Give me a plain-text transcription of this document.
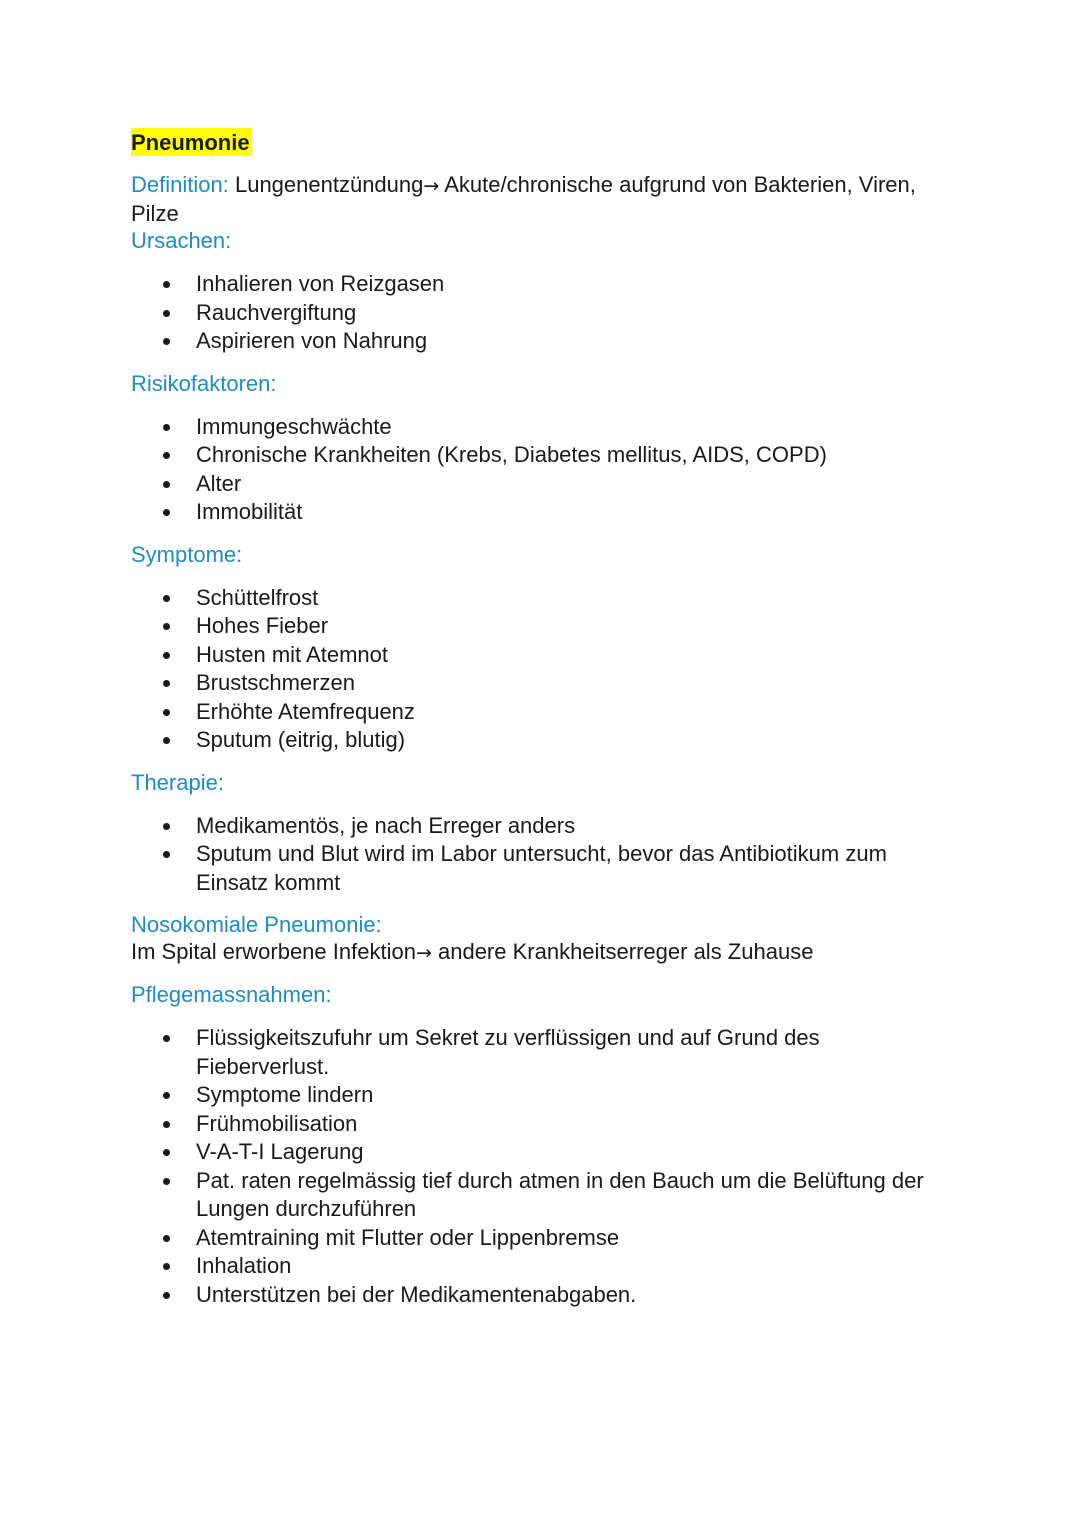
Pneumonie
Definition: Lungenentzündung→ Akute/chronische aufgrund von Bakterien, Viren, Pilze
Ursachen:
Inhalieren von Reizgasen
Rauchvergiftung
Aspirieren von Nahrung
Risikofaktoren:
Immungeschwächte
Chronische Krankheiten (Krebs, Diabetes mellitus, AIDS, COPD)
Alter
Immobilität
Symptome:
Schüttelfrost
Hohes Fieber
Husten mit Atemnot
Brustschmerzen
Erhöhte Atemfrequenz
Sputum (eitrig, blutig)
Therapie:
Medikamentös, je nach Erreger anders
Sputum und Blut wird im Labor untersucht, bevor das Antibiotikum zum Einsatz kommt
Nosokomiale Pneumonie:
Im Spital erworbene Infektion→ andere Krankheitserreger als Zuhause
Pflegemassnahmen:
Flüssigkeitszufuhr um Sekret zu verflüssigen und auf Grund des Fieberverlust.
Symptome lindern
Frühmobilisation
V-A-T-I Lagerung
Pat. raten regelmässig tief durch atmen in den Bauch um die Belüftung der Lungen durchzuführen
Atemtraining mit Flutter oder Lippenbremse
Inhalation
Unterstützen bei der Medikamentenabgaben.
